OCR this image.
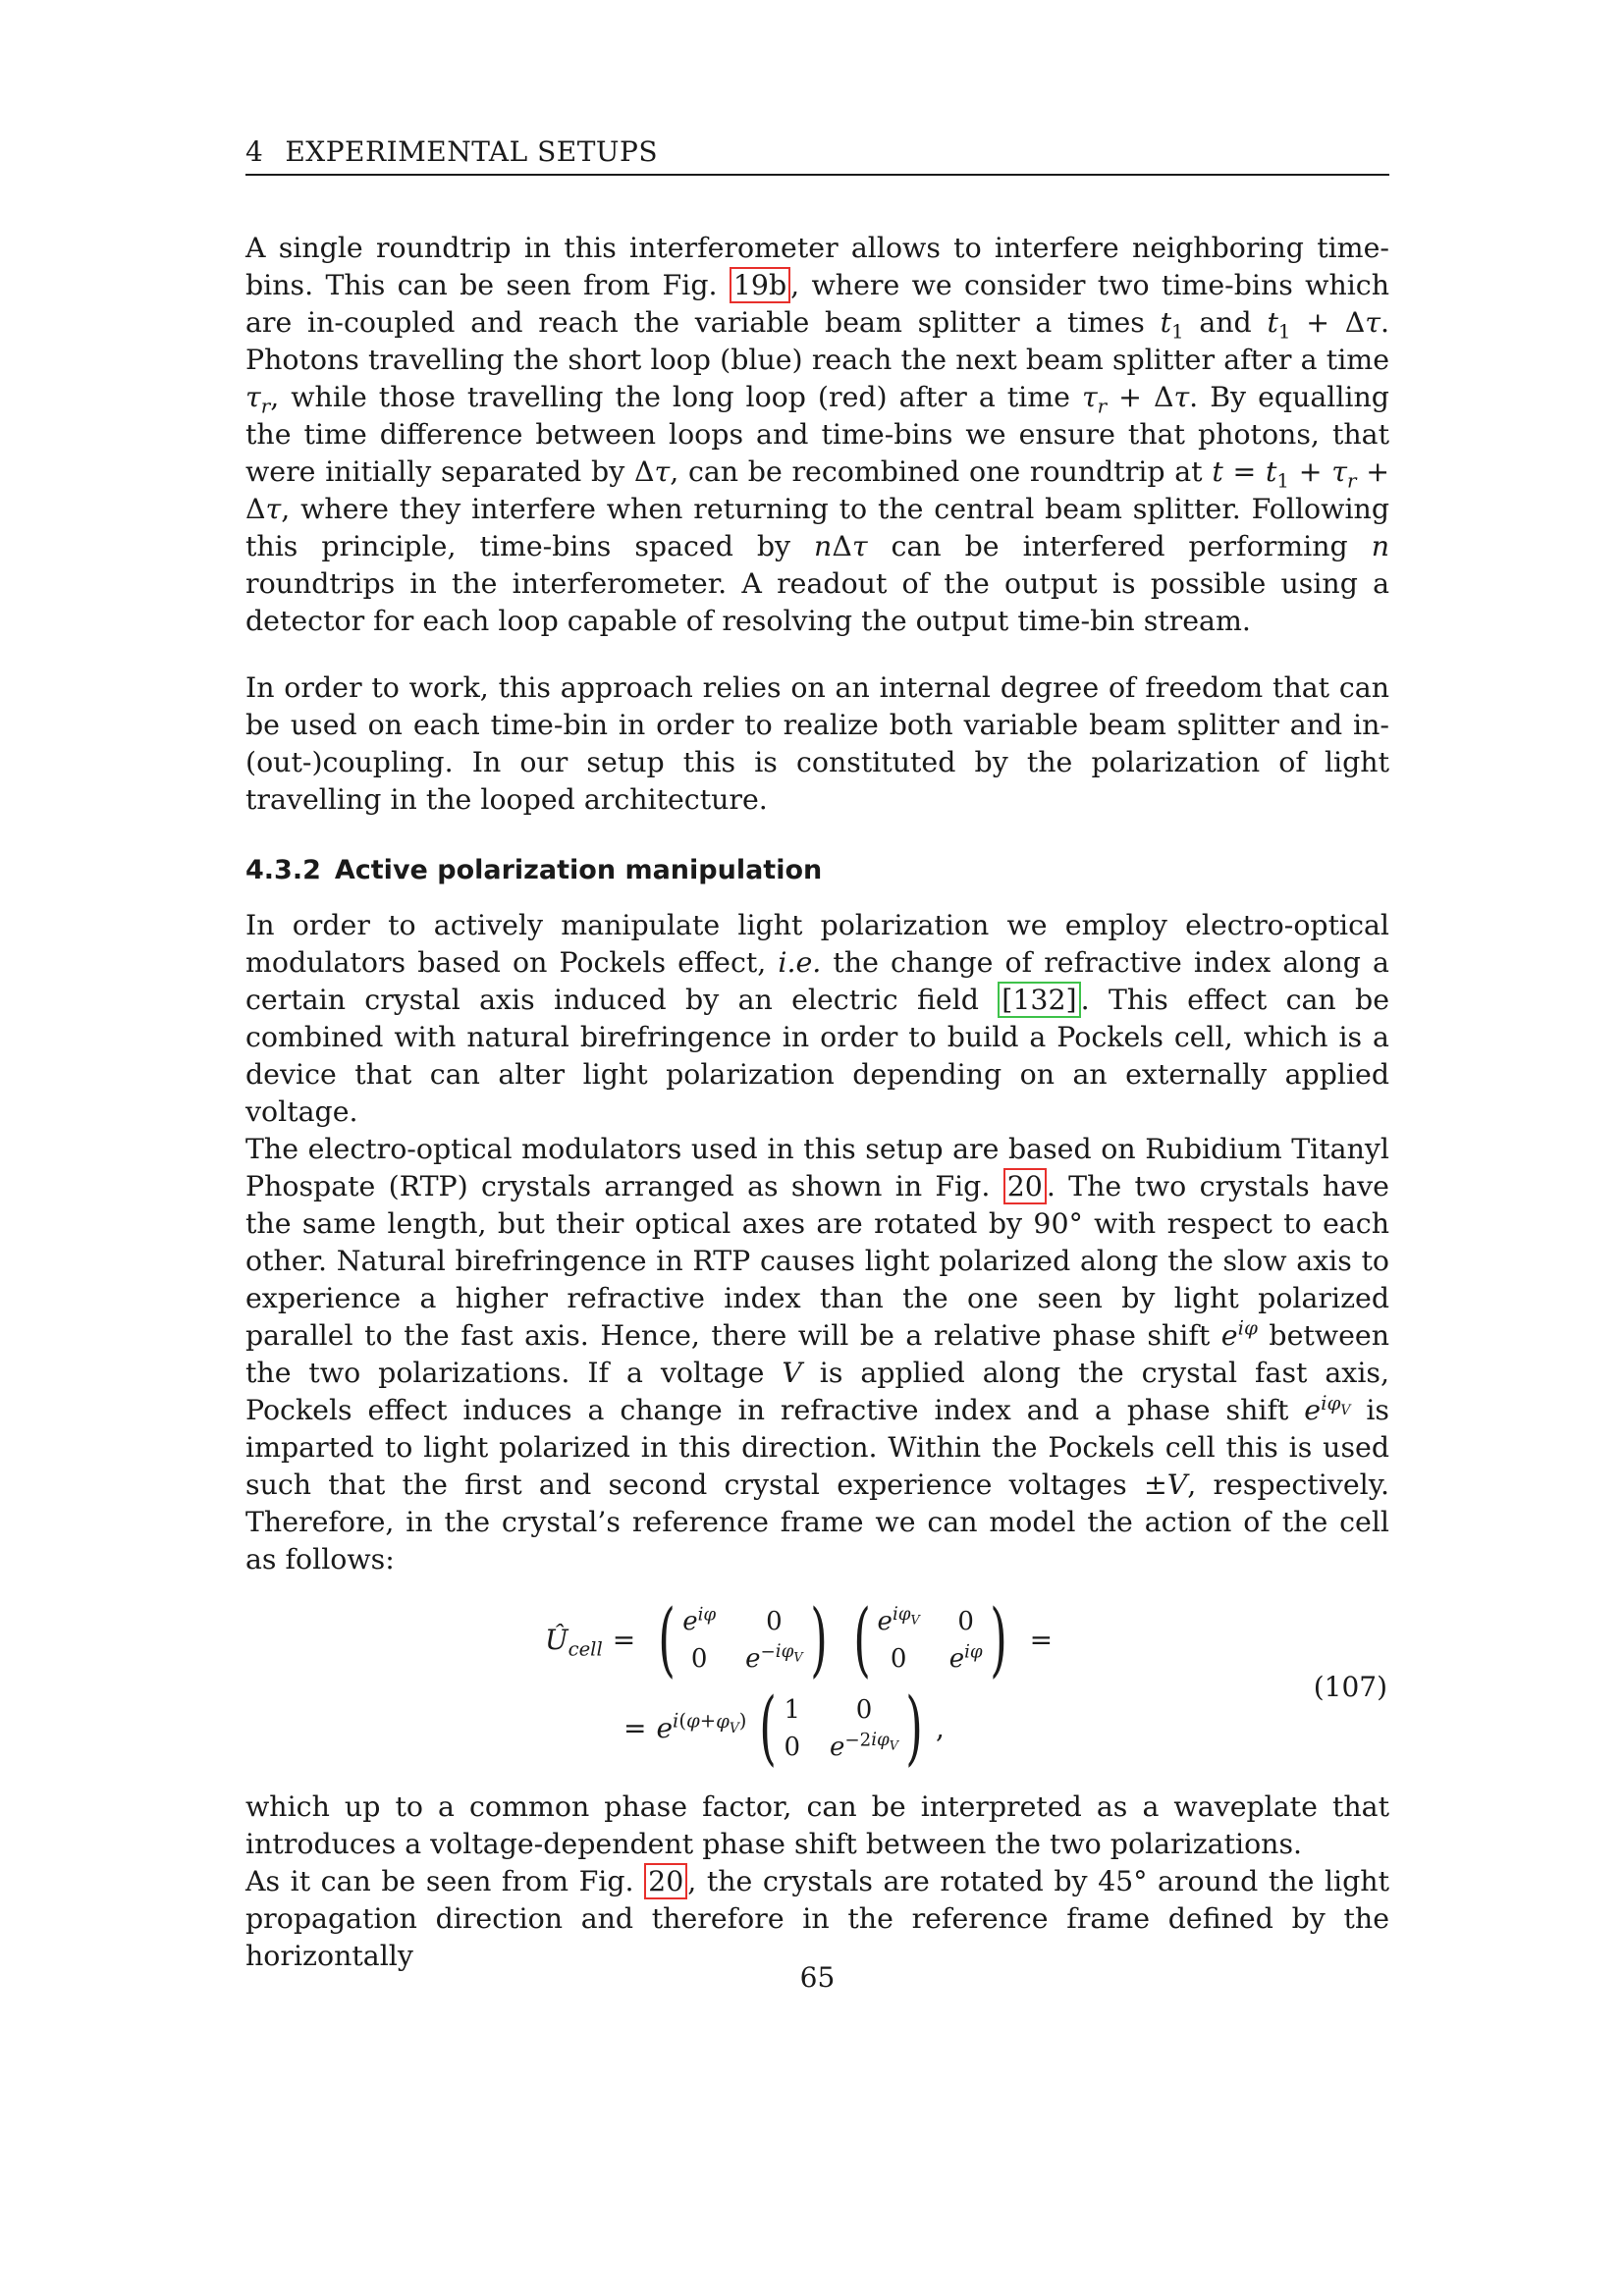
4 EXPERIMENTAL SETUPS

A single roundtrip in this interferometer allows to interfere neighboring time-bins. This can be seen from Fig. 19b , where we consider two time-bins which are in-coupled and reach the variable beam splitter a times $t_1$ and $t_1 + \Delta\tau$. Photons travelling the short loop (blue) reach the next beam splitter after a time $\tau_r$, while those travelling the long loop (red) after a time $\tau_r + \Delta\tau$. By equalling the time difference between loops and time-bins we ensure that photons, that were initially separated by Δτ, can be recombined one roundtrip at $t = t_1 + \tau_r + \Delta\tau$, where they interfere when returning to the central beam splitter. Following this principle, time-bins spaced by nΔτ can be interfered performing n roundtrips in the interferometer. A readout of the output is possible using a detector for each loop capable of resolving the output time-bin stream.

In order to work, this approach relies on an internal degree of freedom that can be used on each time-bin in order to realize both variable beam splitter and in-(out-)coupling. In our setup this is constituted by the polarization of light travelling in the looped architecture.

4.3.2 Active polarization manipulation

In order to actively manipulate light polarization we employ electro-optical modulators based on Pockels effect, i.e. the change of refractive index along a certain crystal axis induced by an electric field [132] . This effect can be combined with natural birefringence in order to build a Pockels cell, which is a device that can alter light polarization depending on an externally applied voltage.

The electro-optical modulators used in this setup are based on Rubidium Titanyl Phospate (RTP) crystals arranged as shown in Fig. 20 . The two crystals have the same length, but their optical axes are rotated by 90° with respect to each other. Natural birefringence in RTP causes light polarized along the slow axis to experience a higher refractive index than the one seen by light polarized parallel to the fast axis. Hence, there will be a relative phase shift $e^{i\varphi}$ between the two polarizations. If a voltage V is applied along the crystal fast axis, Pockels effect induces a change in refractive index and a phase shift $e^{i\varphi_V}$ is imparted to light polarized in this direction. Within the Pockels cell this is used such that the first and second crystal experience voltages ±V, respectively. Therefore, in the crystal’s reference frame we can model the action of the cell as follows:

$Û_{cell}$ = ( $e^{i\varphi}$	0
0	$e^{-i\varphi_V}$ ) ( $e^{i\varphi_V}$	0
0	$e^{i\varphi}$ ) =
= $e^{i(\varphi+\varphi_V)}$ ( 1	0
0 $e^{-2i\varphi_V}$ ) ,
(107)

which up to a common phase factor, can be interpreted as a waveplate that introduces a voltage-dependent phase shift between the two polarizations.

As it can be seen from Fig. 20 , the crystals are rotated by 45° around the light propagation direction and therefore in the reference frame defined by the horizontally

65
